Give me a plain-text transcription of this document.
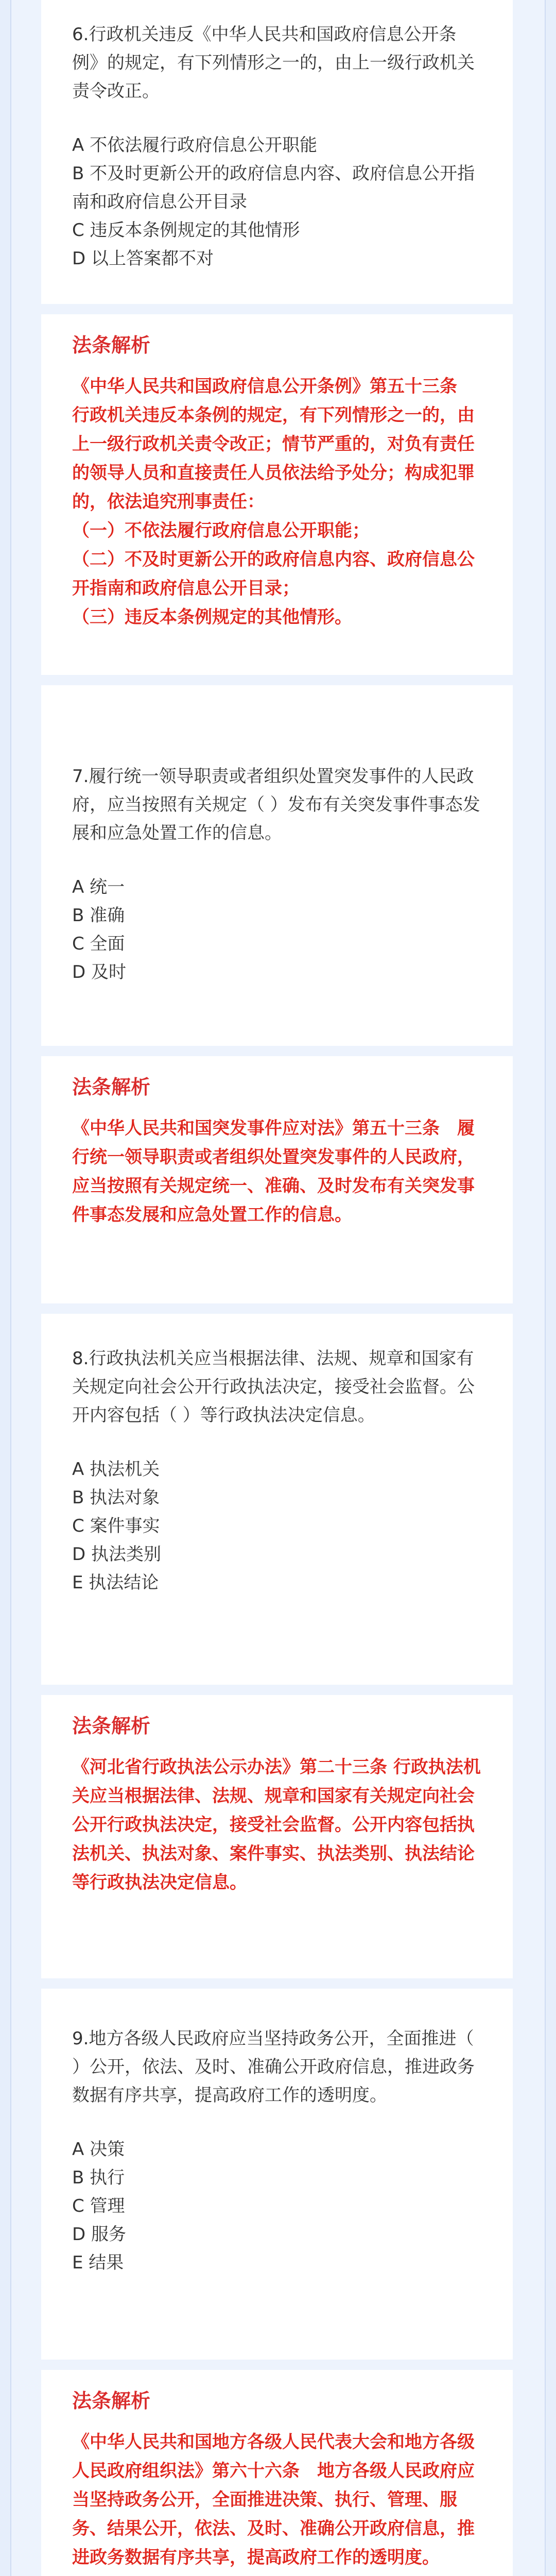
6.行政机关违反《中华人民共和国政府信息公开条例》的规定，有下列情形之一的，由上一级行政机关责令改正。

A 不依法履行政府信息公开职能
B 不及时更新公开的政府信息内容、政府信息公开指南和政府信息公开目录
C 违反本条例规定的其他情形
D 以上答案都不对

法条解析

《中华人民共和国政府信息公开条例》第五十三条　行政机关违反本条例的规定，有下列情形之一的，由上一级行政机关责令改正；情节严重的，对负有责任的领导人员和直接责任人员依法给予处分；构成犯罪的，依法追究刑事责任：

（一）不依法履行政府信息公开职能；
（二）不及时更新公开的政府信息内容、政府信息公开指南和政府信息公开目录；
（三）违反本条例规定的其他情形。

7.履行统一领导职责或者组织处置突发事件的人民政府，应当按照有关规定（ ）发布有关突发事件事态发展和应急处置工作的信息。

A 统一
B 准确
C 全面
D 及时

法条解析

《中华人民共和国突发事件应对法》第五十三条　履行统一领导职责或者组织处置突发事件的人民政府，应当按照有关规定统一、准确、及时发布有关突发事件事态发展和应急处置工作的信息。

8.行政执法机关应当根据法律、法规、规章和国家有关规定向社会公开行政执法决定，接受社会监督。公开内容包括（ ）等行政执法决定信息。

A 执法机关
B 执法对象
C 案件事实
D 执法类别
E 执法结论

法条解析

《河北省行政执法公示办法》第二十三条 行政执法机关应当根据法律、法规、规章和国家有关规定向社会公开行政执法决定，接受社会监督。公开内容包括执法机关、执法对象、案件事实、执法类别、执法结论等行政执法决定信息。

9.地方各级人民政府应当坚持政务公开，全面推进（ ）公开，依法、及时、准确公开政府信息，推进政务数据有序共享，提高政府工作的透明度。

A 决策
B 执行
C 管理
D 服务
E 结果

法条解析

《中华人民共和国地方各级人民代表大会和地方各级人民政府组织法》第六十六条　地方各级人民政府应当坚持政务公开，全面推进决策、执行、管理、服务、结果公开，依法、及时、准确公开政府信息，推进政务数据有序共享，提高政府工作的透明度。
